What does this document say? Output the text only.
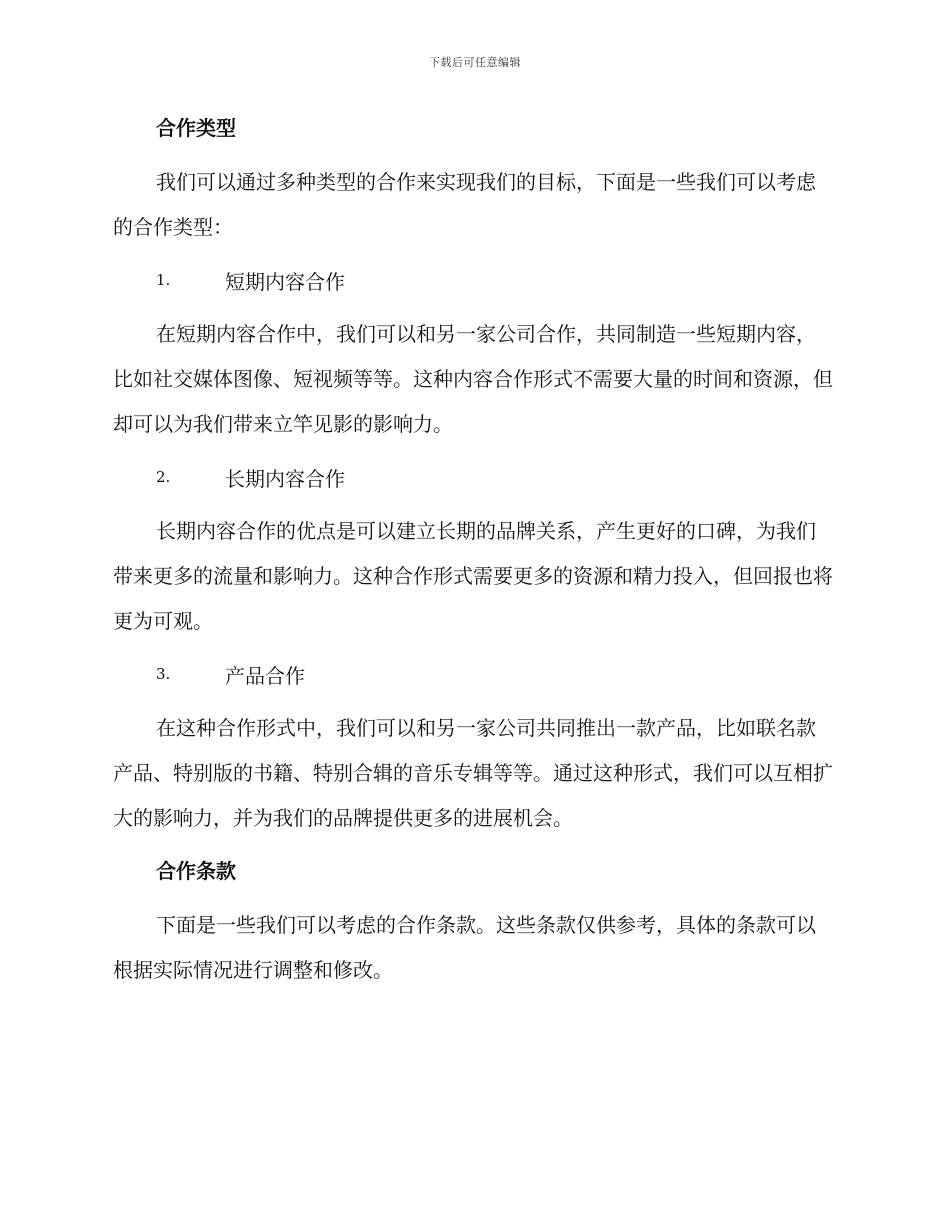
下载后可任意编辑
合作类型

我们可以通过多种类型的合作来实现我们的目标，下面是一些我们可以考虑的合作类型：

1.	短期内容合作

在短期内容合作中，我们可以和另一家公司合作，共同制造一些短期内容，比如社交媒体图像、短视频等等。这种内容合作形式不需要大量的时间和资源，但却可以为我们带来立竿见影的影响力。

2.	长期内容合作

长期内容合作的优点是可以建立长期的品牌关系，产生更好的口碑，为我们带来更多的流量和影响力。这种合作形式需要更多的资源和精力投入，但回报也将更为可观。

3.	产品合作

在这种合作形式中，我们可以和另一家公司共同推出一款产品，比如联名款产品、特别版的书籍、特别合辑的音乐专辑等等。通过这种形式，我们可以互相扩大的影响力，并为我们的品牌提供更多的进展机会。

合作条款

下面是一些我们可以考虑的合作条款。这些条款仅供参考，具体的条款可以根据实际情况进行调整和修改。
